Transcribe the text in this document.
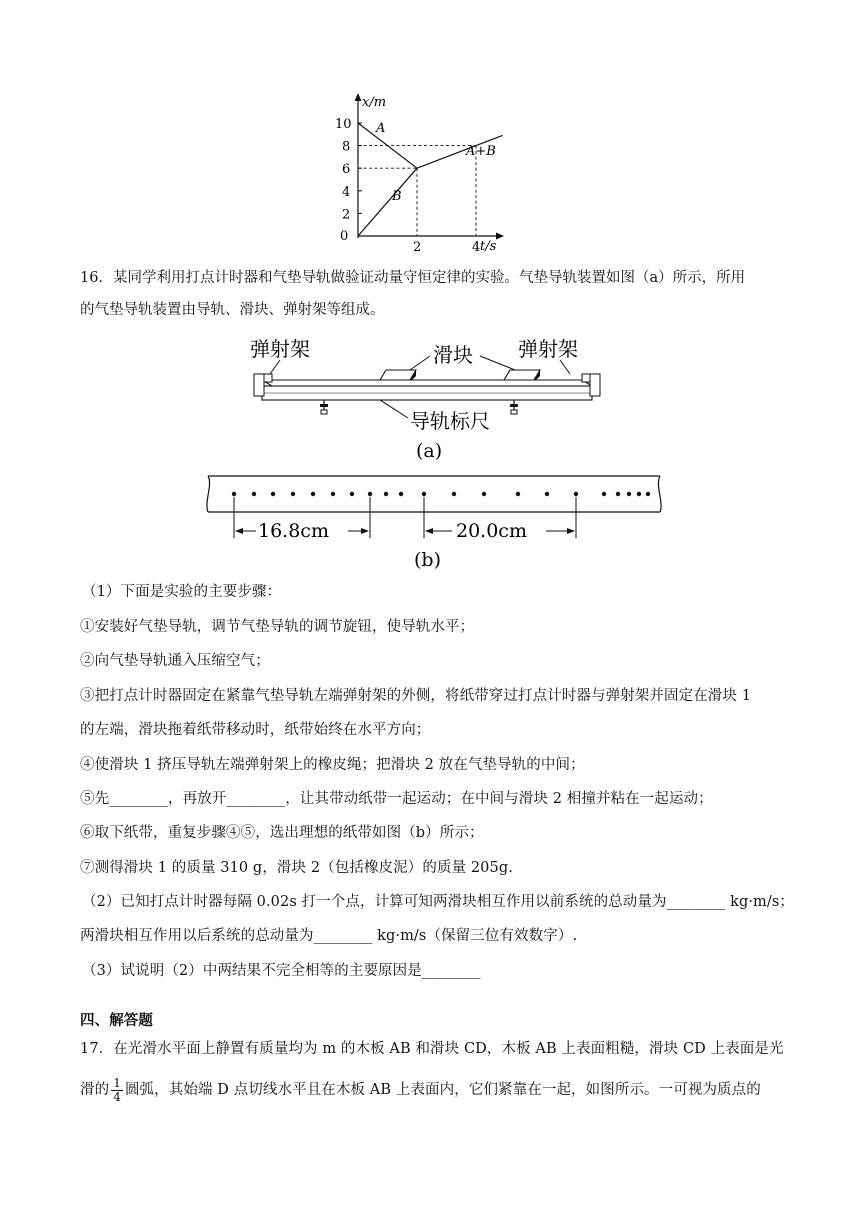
x/m
t/s
0
10
8
6
4
2
2	4
A
B
A+B
16．某同学利用打点计时器和气垫导轨做验证动量守恒定律的实验。气垫导轨装置如图（a）所示，所用
的气垫导轨装置由导轨、滑块、弹射架等组成。
弹射架	滑块 弹射架
导轨标尺
(a)
16.8cm	20.0cm
(b)
（1）下面是实验的主要步骤：
①安装好气垫导轨，调节气垫导轨的调节旋钮，使导轨水平；
②向气垫导轨通入压缩空气；
③把打点计时器固定在紧靠气垫导轨左端弹射架的外侧，将纸带穿过打点计时器与弹射架并固定在滑块 1
的左端，滑块拖着纸带移动时，纸带始终在水平方向；
④使滑块 1 挤压导轨左端弹射架上的橡皮绳；把滑块 2 放在气垫导轨的中间；
⑤先________，再放开________，让其带动纸带一起运动；在中间与滑块 2 相撞并粘在一起运动；
⑥取下纸带，重复步骤④⑤，选出理想的纸带如图（b）所示；
⑦测得滑块 1 的质量 310 g，滑块 2（包括橡皮泥）的质量 205g.
（2）已知打点计时器每隔 0.02s 打一个点，计算可知两滑块相互作用以前系统的总动量为________ kg·m/s；
两滑块相互作用以后系统的总动量为________ kg·m/s（保留三位有效数字）.
（3）试说明（2）中两结果不完全相等的主要原因是________
四、解答题
17．在光滑水平面上静置有质量均为 m 的木板 AB 和滑块 CD，木板 AB 上表面粗糙，滑块 CD 上表面是光
滑的 $\frac{1}{4}$ 圆弧，其始端 D 点切线水平且在木板 AB 上表面内，它们紧靠在一起，如图所示。一可视为质点的
